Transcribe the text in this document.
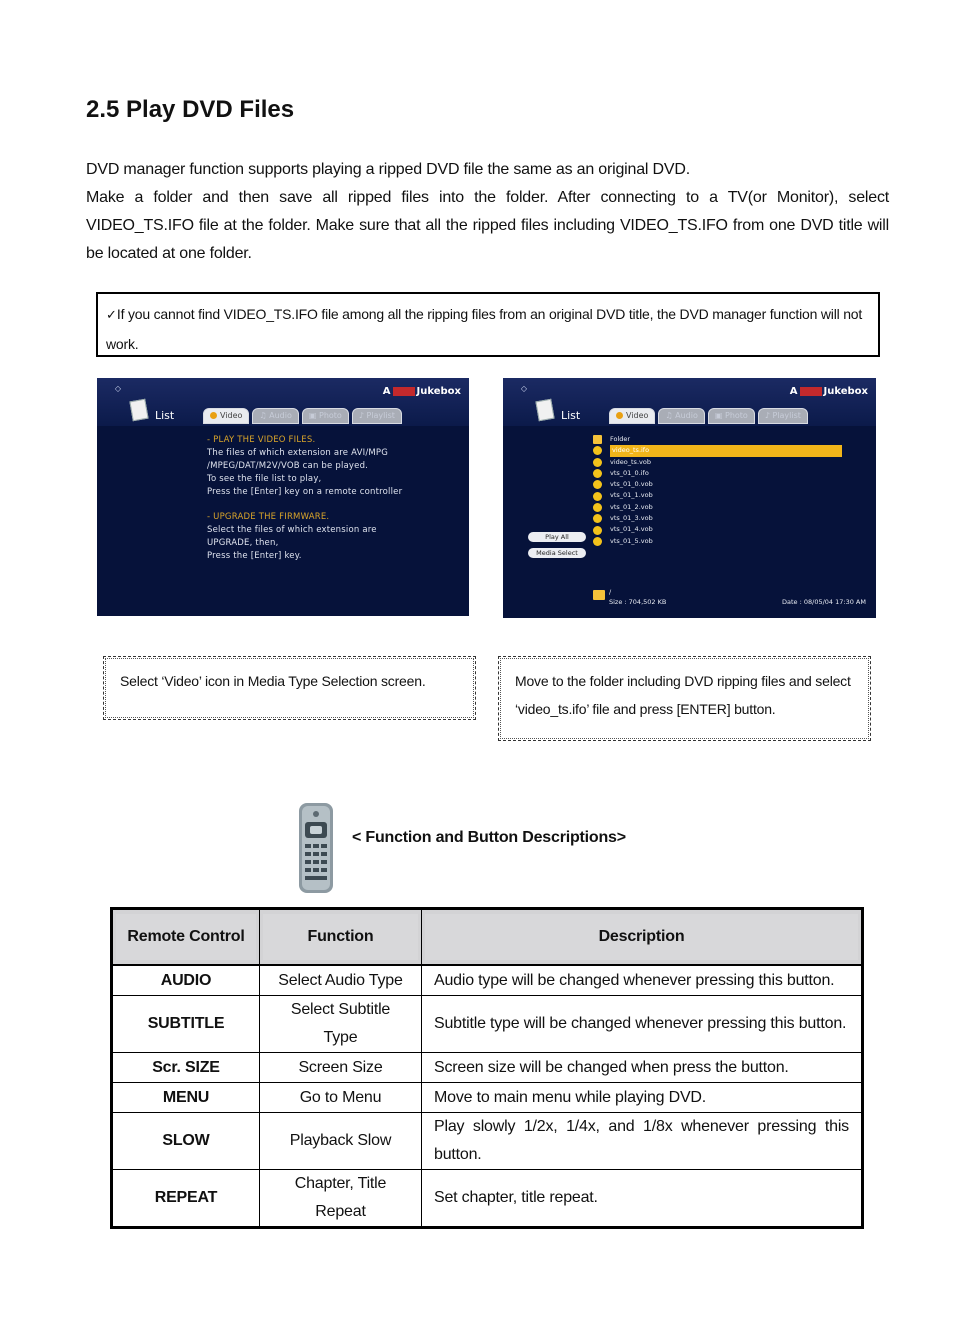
2.5 Play DVD Files

DVD manager function supports playing a ripped DVD file the same as an original DVD.

Make a folder and then save all ripped files into the folder. After connecting to a TV(or Monitor), select VIDEO_TS.IFO file at the folder. Make sure that all the ripped files including VIDEO_TS.IFO from one DVD title will be located at one folder.

✓If you cannot find VIDEO_TS.IFO file among all the ripping files from an original DVD title, the DVD manager function will not work.
◇	A	Jukebox
List	Video	♫ Audio	▣ Photo	♪ Playlist
- PLAY THE VIDEO FILES.
The files of which extension are AVI/MPG
/MPEG/DAT/M2V/VOB can be played.
To see the file list to play,
Press the [Enter] key on a remote controller

- UPGRADE THE FIRMWARE.
Select the files of which extension are
UPGRADE, then,
Press the [Enter] key.
◇	A	Jukebox
List	Video	♫ Audio	▣ Photo	♪ Playlist
Folder
video_ts.ifo
video_ts.vob
vts_01_0.ifo
vts_01_0.vob
vts_01_1.vob
vts_01_2.vob
vts_01_3.vob
vts_01_4.vob
vts_01_5.vob
Play All
Media Select
/
Size : 704,502 KB	Date : 08/05/04 17:30 AM
Select ‘Video’ icon in Media Type Selection screen.	Move to the folder including DVD ripping files and select ‘video_ts.ifo’ file and press [ENTER] button.
< Function and Button Descriptions>
Remote Control	Function	Description

AUDIO	Select Audio Type	Audio type will be changed whenever pressing this button.
SUBTITLE	Select Subtitle Type	Subtitle type will be changed whenever pressing this button.
Scr. SIZE	Screen Size	Screen size will be changed when press the button.
MENU	Go to Menu	Move to main menu while playing DVD.
SLOW	Playback Slow	Play slowly 1/2x, 1/4x, and 1/8x whenever pressing this button.
REPEAT	Chapter, Title Repeat	Set chapter, title repeat.
